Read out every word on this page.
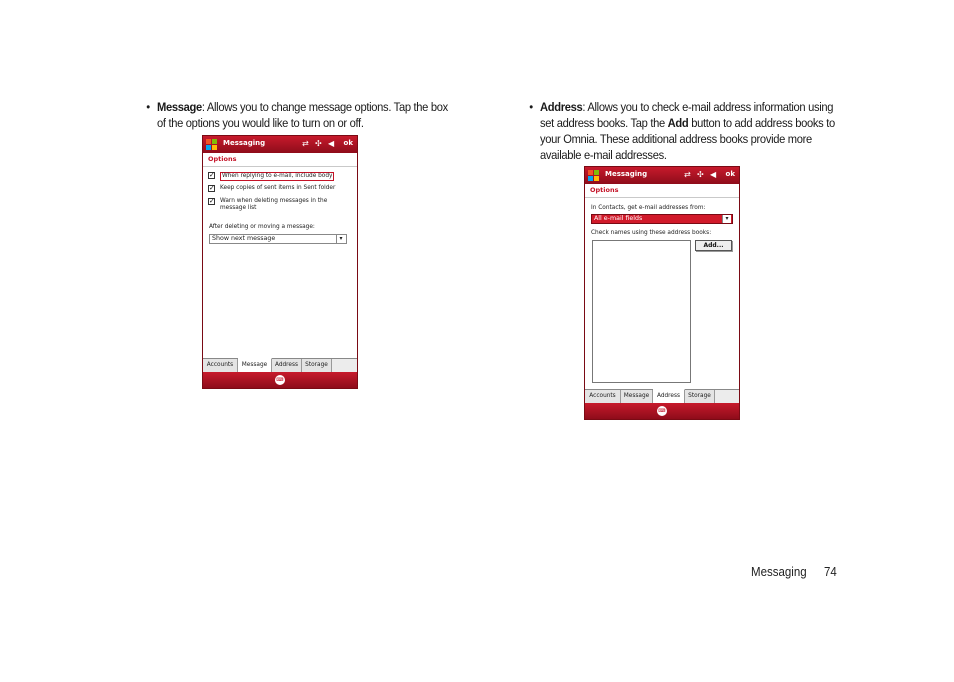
• Message: Allows you to change message options. Tap the box of the options you would like to turn on or off.
• Address: Allows you to check e-mail address information using set address books. Tap the Add button to add address books to your Omnia. These additional address books provide more available e-mail addresses.
Messaging	⇄ ✣ ◀ ok
Options
✓	When replying to e-mail, include body
✓ Keep copies of sent items in Sent folder
✓ Warn when deleting messages in the
message list
After deleting or moving a message:
Show next message	▾
Accounts	Message	Address	Storage
⌨
Messaging	⇄ ✣ ◀ ok
Options
In Contacts, get e-mail addresses from:
All e-mail fields	▾
Check names using these address books:
Add...
Accounts	Message	Address	Storage
⌨
Messaging 74
